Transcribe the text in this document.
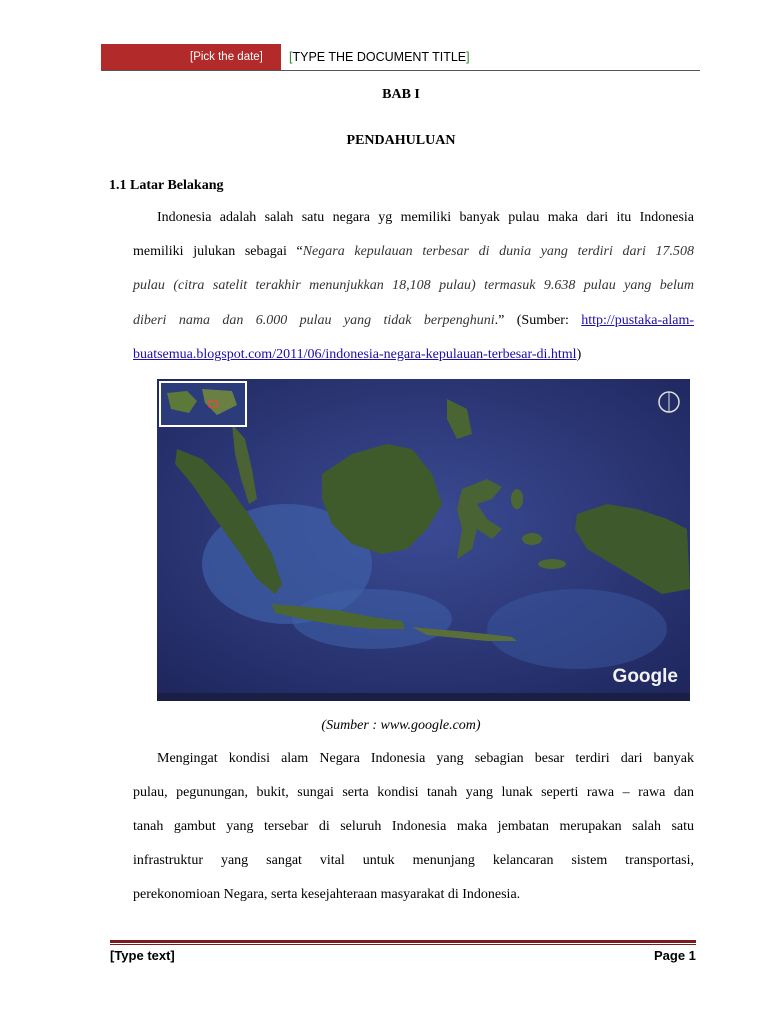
[Pick the date] [TYPE THE DOCUMENT TITLE]
BAB I
PENDAHULUAN
1.1 Latar Belakang
Indonesia adalah salah satu negara yg memiliki banyak pulau maka dari itu Indonesia
memiliki julukan sebagai “Negara kepulauan terbesar di dunia yang terdiri dari 17.508
pulau (citra satelit terakhir menunjukkan 18,108 pulau) termasuk 9.638 pulau yang belum
diberi nama dan 6.000 pulau yang tidak berpenghuni.” (Sumber: http://pustaka-alam-
buatsemua.blogspot.com/2011/06/indonesia-negara-kepulauan-terbesar-di.html)
Google
(Sumber : www.google.com)
Mengingat kondisi alam Negara Indonesia yang sebagian besar terdiri dari banyak
pulau, pegunungan, bukit, sungai serta kondisi tanah yang lunak seperti rawa – rawa dan
tanah gambut yang tersebar di seluruh Indonesia maka jembatan merupakan salah satu
infrastruktur yang sangat vital untuk menunjang kelancaran sistem transportasi,
perekonomioan Negara, serta kesejahteraan masyarakat di Indonesia.
[Type text]	Page 1
